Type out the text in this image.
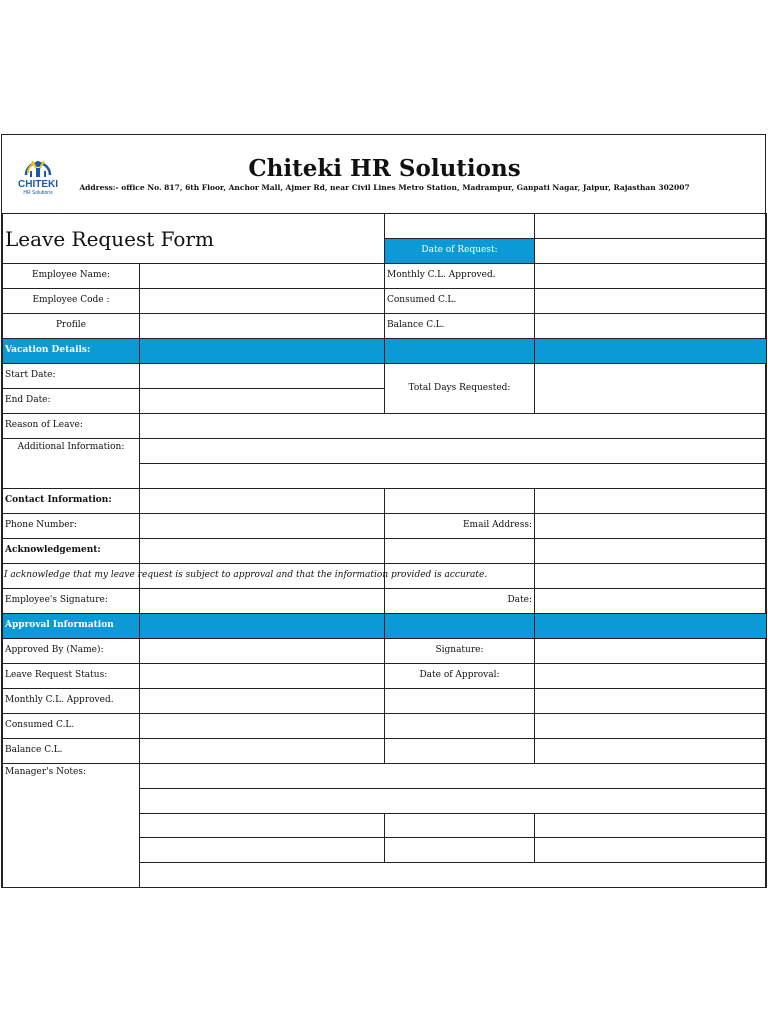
CHITEKI
HR Solutions
Chiteki HR Solutions
Address:- office No. 817, 6th Floor, Anchor Mall, Ajmer Rd, near Civil Lines Metro Station, Madrampur, Ganpati Nagar, Jaipur, Rajasthan 302007
Leave Request Form	Date of Request:
Employee Name:	Monthly C.L. Approved.
Employee Code :	Consumed C.L.
Profile	Balance C.L.
Vacation Details:
Start Date:
End Date:
Total Days Requested:
Reason of Leave:
Additional Information:
Contact Information:
Phone Number:	Email Address:
Acknowledgement:
I acknowledge that my leave request is subject to approval and that the information provided is accurate.
Employee's Signature:	Date:
Approval Information
Approved By (Name):	Signature:
Leave Request Status:	Date of Approval:
Monthly C.L. Approved.
Consumed C.L.
Balance C.L.
Manager's Notes:
